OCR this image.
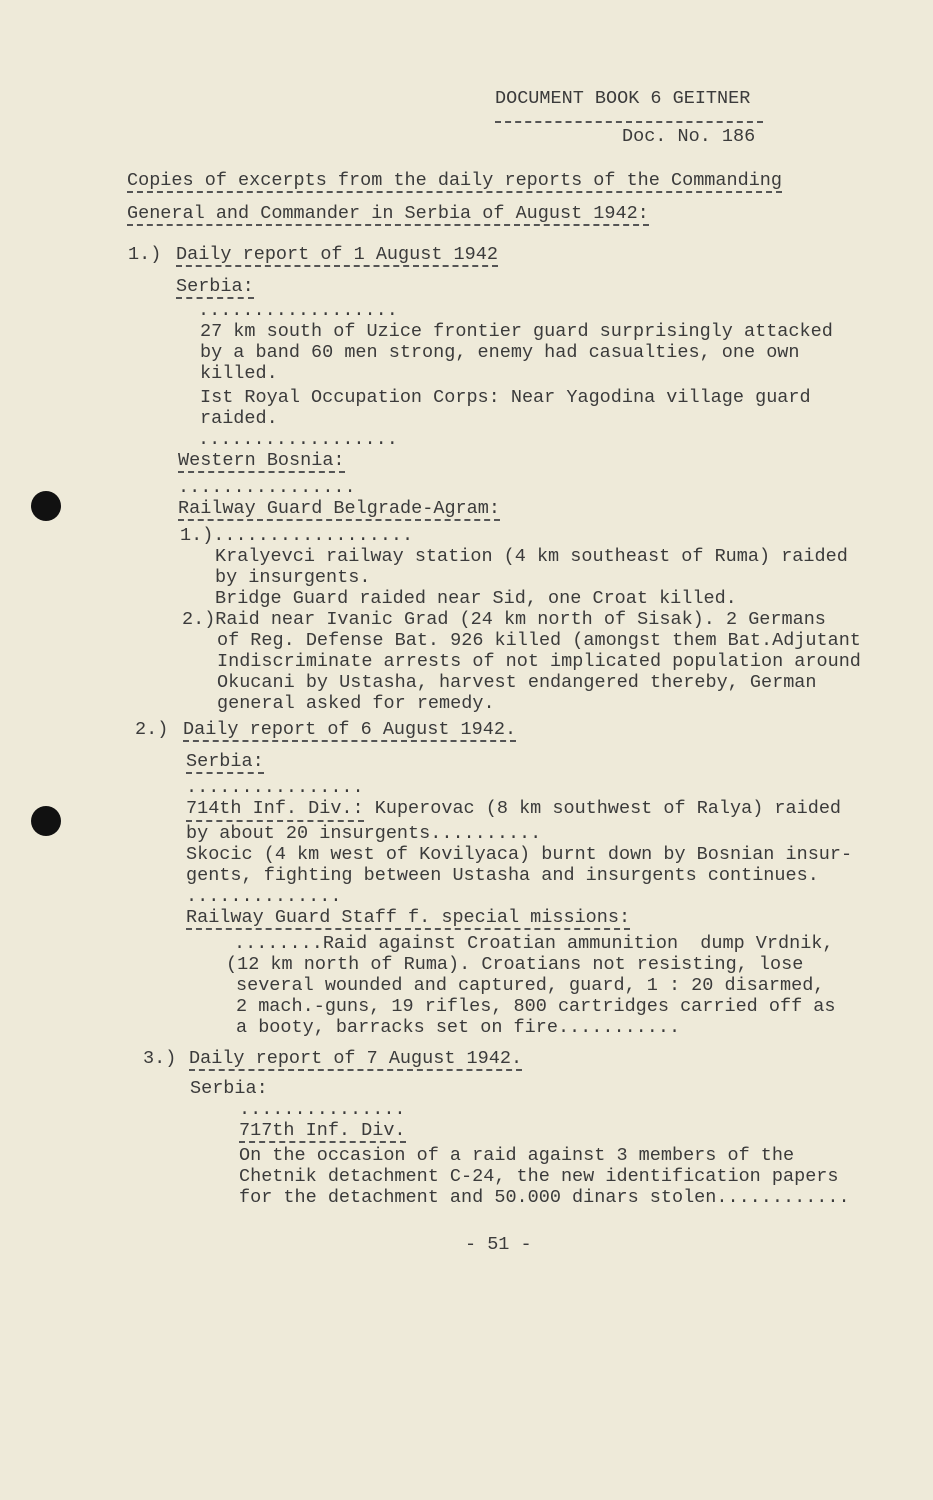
DOCUMENT BOOK 6 GEITNER
Doc. No. 186
Copies of excerpts from the daily reports of the Commanding
General and Commander in Serbia of August 1942:
1.) Daily report of 1 August 1942
Serbia:
..................
27 km south of Uzice frontier guard surprisingly attacked
by a band 60 men strong, enemy had casualties, one own
killed.
Ist Royal Occupation Corps: Near Yagodina village guard
raided.
..................
Western Bosnia:
................
Railway Guard Belgrade-Agram:
1.)..................
Kralyevci railway station (4 km southeast of Ruma) raided
by insurgents.
Bridge Guard raided near Sid, one Croat killed.
2.)Raid near Ivanic Grad (24 km north of Sisak). 2 Germans
of Reg. Defense Bat. 926 killed (amongst them Bat.Adjutant
Indiscriminate arrests of not implicated population around
Okucani by Ustasha, harvest endangered thereby, German
general asked for remedy.
2.) Daily report of 6 August 1942.
Serbia:
................
714th Inf. Div.: Kuperovac (8 km southwest of Ralya) raided
by about 20 insurgents..........
Skocic (4 km west of Kovilyaca) burnt down by Bosnian insur-
gents, fighting between Ustasha and insurgents continues.
..............
Railway Guard Staff f. special missions:
........Raid against Croatian ammunition  dump Vrdnik,
(12 km north of Ruma). Croatians not resisting, lose
several wounded and captured, guard, 1 : 20 disarmed,
2 mach.-guns, 19 rifles, 800 cartridges carried off as
a booty, barracks set on fire...........
3.) Daily report of 7 August 1942.
Serbia:
...............
717th Inf. Div.
On the occasion of a raid against 3 members of the
Chetnik detachment C-24, the new identification papers
for the detachment and 50.000 dinars stolen............
- 51 -
